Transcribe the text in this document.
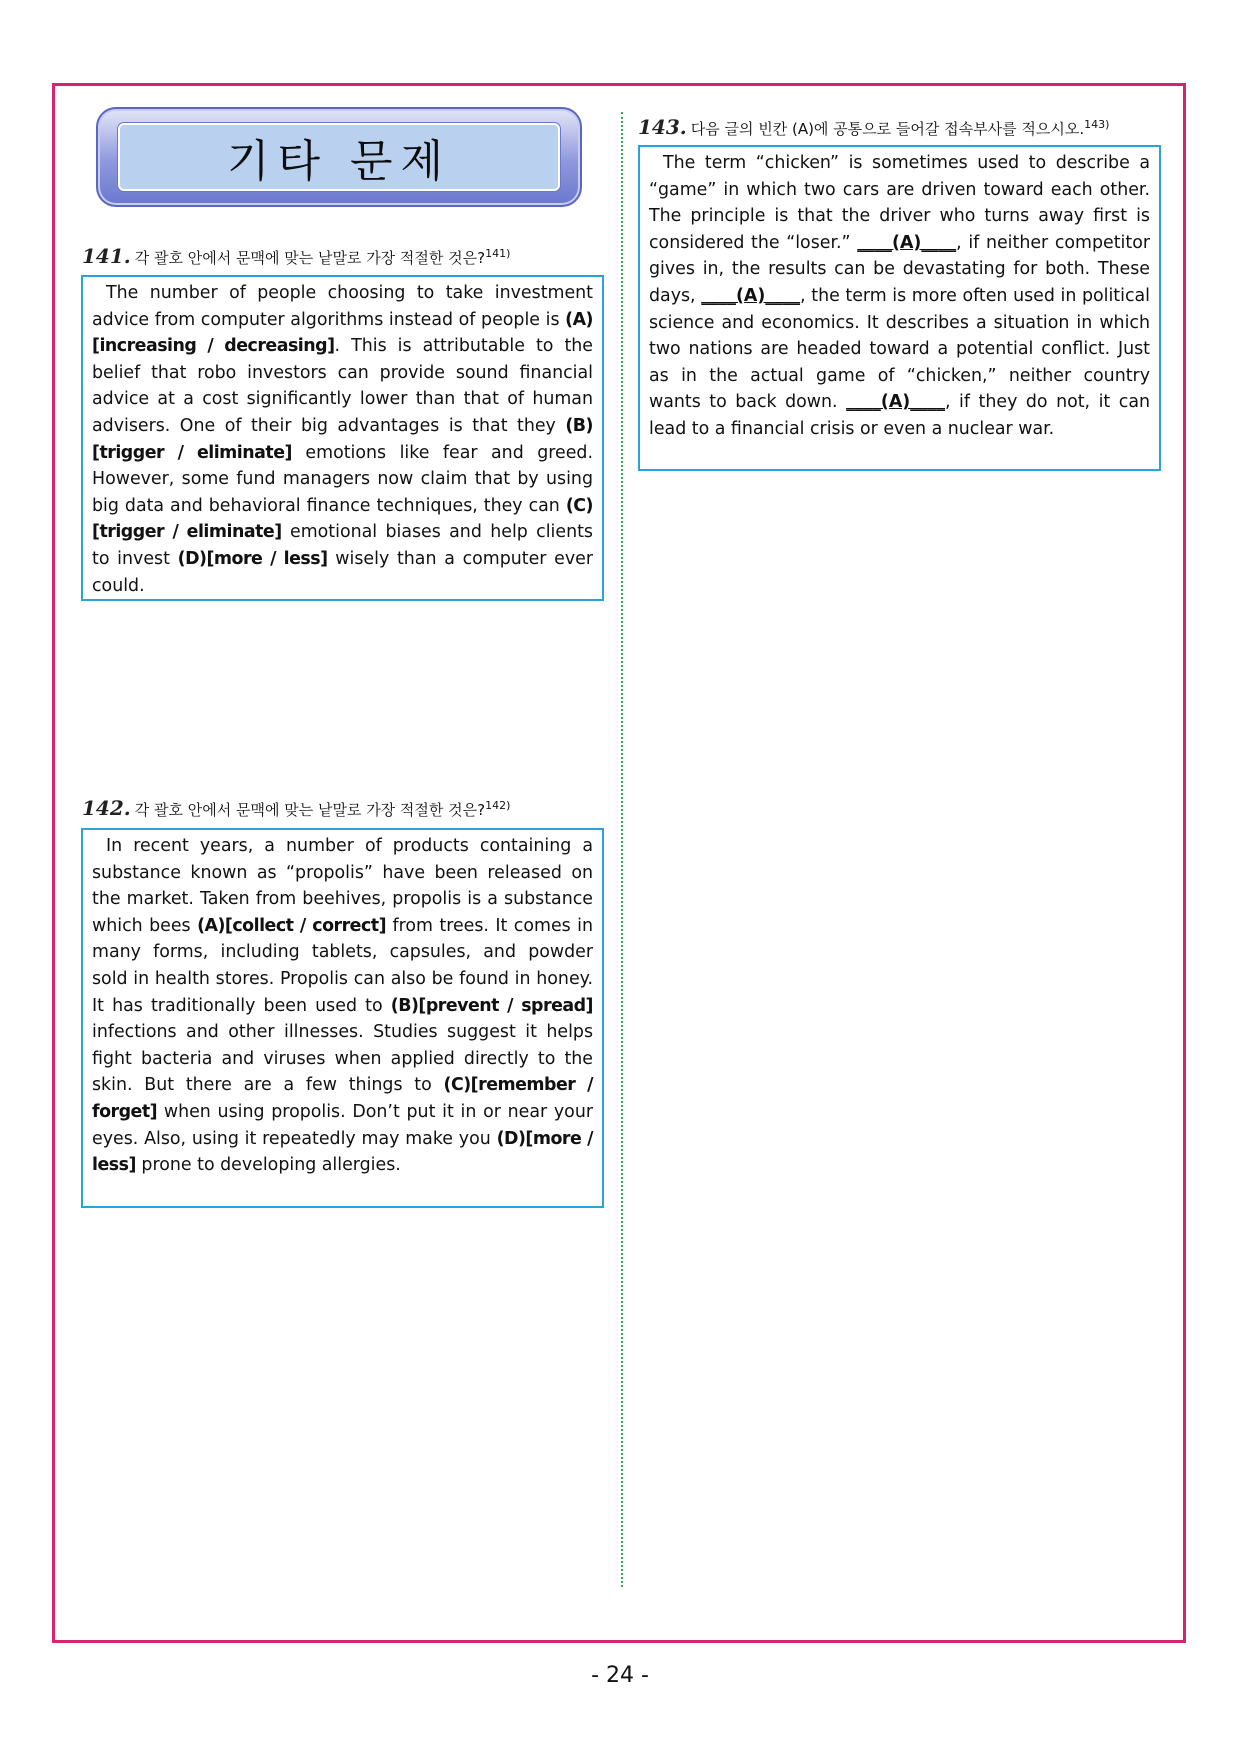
기타 문제
141. 각 괄호 안에서 문맥에 맞는 낱말로 가장 적절한 것은?$^{141)}$

The number of people choosing to take investment advice from computer algorithms instead of people is (A)[increasing / decreasing]. This is attributable to the belief that robo investors can provide sound financial advice at a cost significantly lower than that of human advisers. One of their big advantages is that they (B)[trigger / eliminate] emotions like fear and greed. However, some fund managers now claim that by using big data and behavioral finance techniques, they can (C)[trigger / eliminate] emotional biases and help clients to invest (D)[more / less] wisely than a computer ever could.

142. 각 괄호 안에서 문맥에 맞는 낱말로 가장 적절한 것은?$^{142)}$

In recent years, a number of products containing a substance known as “propolis” have been released on the market. Taken from beehives, propolis is a substance which bees (A)[collect / correct] from trees. It comes in many forms, including tablets, capsules, and powder sold in health stores. Propolis can also be found in honey. It has traditionally been used to (B)[prevent / spread] infections and other illnesses. Studies suggest it helps fight bacteria and viruses when applied directly to the skin. But there are a few things to (C)[remember / forget] when using propolis. Don’t put it in or near your eyes. Also, using it repeatedly may make you (D)[more / less] prone to developing allergies.

143. 다음 글의 빈칸 (A)에 공통으로 들어갈 접속부사를 적으시오.$^{143)}$

The term “chicken” is sometimes used to describe a “game” in which two cars are driven toward each other. The principle is that the driver who turns away first is considered the “loser.” ____(A)____, if neither competitor gives in, the results can be devastating for both. These days, ____(A)____, the term is more often used in political science and economics. It describes a situation in which two nations are headed toward a potential conflict. Just as in the actual game of “chicken,” neither country wants to back down. ____(A)____, if they do not, it can lead to a financial crisis or even a nuclear war.

- 24 -
